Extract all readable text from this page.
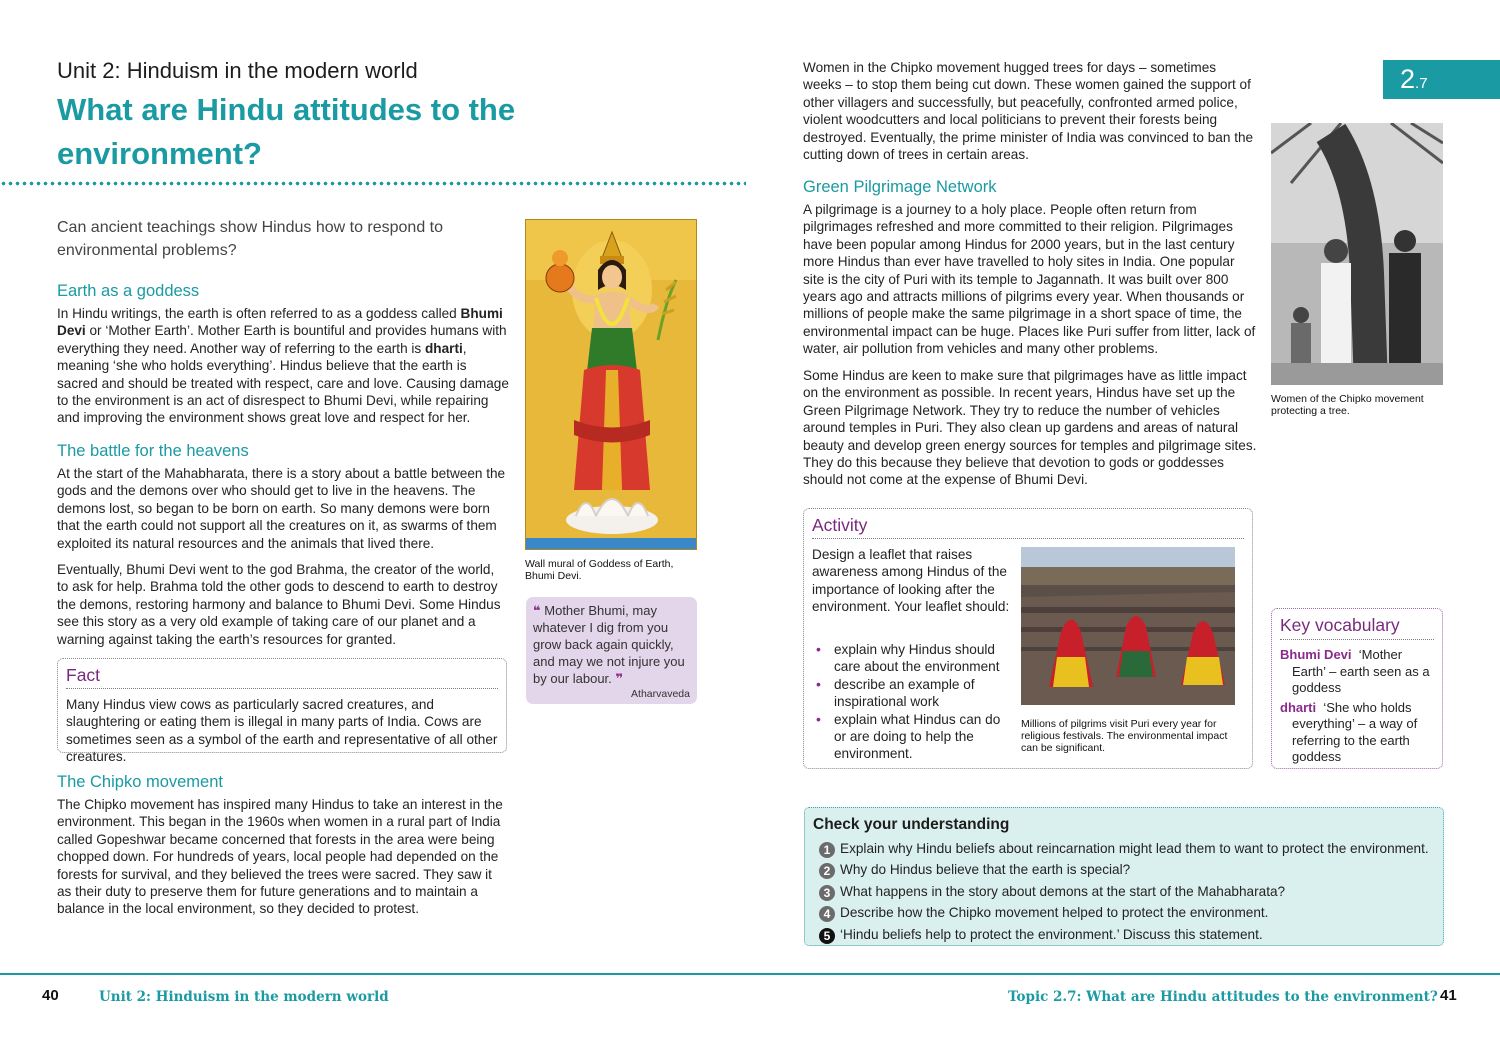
Unit 2: Hinduism in the modern world
What are Hindu attitudes to the environment?
Can ancient teachings show Hindus how to respond to environmental problems?
Earth as a goddess

In Hindu writings, the earth is often referred to as a goddess called Bhumi Devi or ‘Mother Earth’. Mother Earth is bountiful and provides humans with everything they need. Another way of referring to the earth is dharti, meaning ‘she who holds everything’. Hindus believe that the earth is sacred and should be treated with respect, care and love. Causing damage to the environment is an act of disrespect to Bhumi Devi, while repairing and improving the environment shows great love and respect for her.

The battle for the heavens

At the start of the Mahabharata, there is a story about a battle between the gods and the demons over who should get to live in the heavens. The demons lost, so began to be born on earth. So many demons were born that the earth could not support all the creatures on it, as swarms of them exploited its natural resources and the animals that lived there.

Eventually, Bhumi Devi went to the god Brahma, the creator of the world, to ask for help. Brahma told the other gods to descend to earth to destroy the demons, restoring harmony and balance to Bhumi Devi. Some Hindus see this story as a very old example of taking care of our planet and a warning against taking the earth’s resources for granted.

Fact

Many Hindus view cows as particularly sacred creatures, and slaughtering or eating them is illegal in many parts of India. Cows are sometimes seen as a symbol of the earth and representative of all other creatures.

The Chipko movement

The Chipko movement has inspired many Hindus to take an interest in the environment. This began in the 1960s when women in a rural part of India called Gopeshwar became concerned that forests in the area were being chopped down. For hundreds of years, local people had depended on the forests for survival, and they believed the trees were sacred. They saw it as their duty to preserve them for future generations and to maintain a balance in the local environment, so they decided to protest.

Wall mural of Goddess of Earth, Bhumi Devi.

❝ Mother Bhumi, may whatever I dig from you grow back again quickly, and may we not injure you by our labour. ❞

Atharvaveda
40	Unit 2: Hinduism in the modern world

Women in the Chipko movement hugged trees for days – sometimes weeks – to stop them being cut down. These women gained the support of other villagers and successfully, but peacefully, confronted armed police, violent woodcutters and local politicians to prevent their forests being destroyed. Eventually, the prime minister of India was convinced to ban the cutting down of trees in certain areas.

2.7
Green Pilgrimage Network

A pilgrimage is a journey to a holy place. People often return from pilgrimages refreshed and more committed to their religion. Pilgrimages have been popular among Hindus for 2000 years, but in the last century more Hindus than ever have travelled to holy sites in India. One popular site is the city of Puri with its temple to Jagannath. It was built over 800 years ago and attracts millions of pilgrims every year. When thousands or millions of people make the same pilgrimage in a short space of time, the environmental impact can be huge. Places like Puri suffer from litter, lack of water, air pollution from vehicles and many other problems.

Some Hindus are keen to make sure that pilgrimages have as little impact on the environment as possible. In recent years, Hindus have set up the Green Pilgrimage Network. They try to reduce the number of vehicles around temples in Puri. They also clean up gardens and areas of natural beauty and develop green energy sources for temples and pilgrimage sites. They do this because they believe that devotion to gods or goddesses should not come at the expense of Bhumi Devi.

Women of the Chipko movement protecting a tree.
Activity

Design a leaflet that raises awareness among Hindus of the importance of looking after the environment. Your leaflet should:

• explain why Hindus should care about the environment
• describe an example of inspirational work
• explain what Hindus can do or are doing to help the environment.
Millions of pilgrims visit Puri every year for religious festivals. The environmental impact can be significant.
Key vocabulary

Bhumi Devi ‘Mother Earth’ – earth seen as a goddess

dharti ‘She who holds everything’ – a way of referring to the earth goddess

Check your understanding
1 Explain why Hindu beliefs about reincarnation might lead them to want to protect the environment.
2 Why do Hindus believe that the earth is special?
3 What happens in the story about demons at the start of the Mahabharata?
4 Describe how the Chipko movement helped to protect the environment.
5 ‘Hindu beliefs help to protect the environment.’ Discuss this statement.
Topic 2.7: What are Hindu attitudes to the environment? 41
